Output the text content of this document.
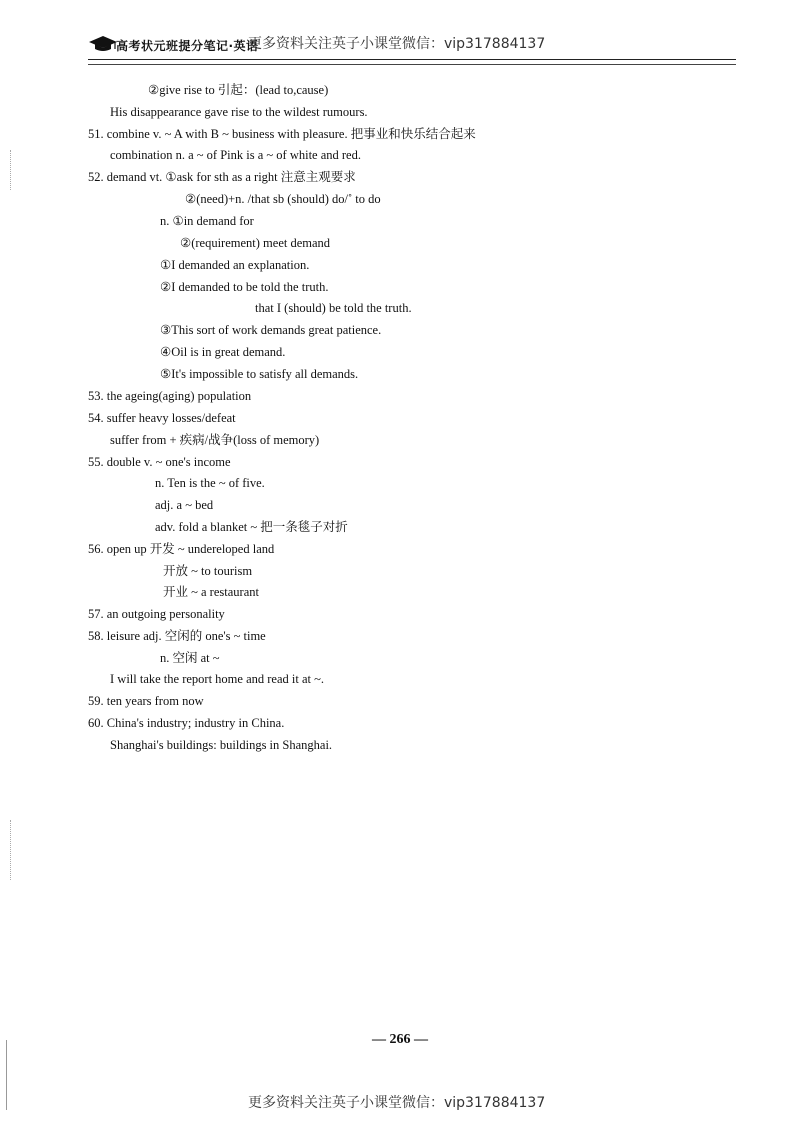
高考状元班提分笔记·英语
更多资料关注英子小课堂微信：vip317884137
②give rise to 引起：(lead to,cause)
His disappearance gave rise to the wildest rumours.
51. combine v. ~ A with B ~ business with pleasure. 把事业和快乐结合起来
combination n. a ~ of Pink is a ~ of white and red.
52. demand vt. ①ask for sth as a right 注意主观要求
②(need)+n. /that sb (should) do/˚ to do
n. ①in demand for
②(requirement) meet demand
①I demanded an explanation.
②I demanded to be told the truth.
that I (should) be told the truth.
③This sort of work demands great patience.
④Oil is in great demand.
⑤It's impossible to satisfy all demands.
53. the ageing(aging) population
54. suffer heavy losses/defeat
suffer from + 疾病/战争(loss of memory)
55. double v. ~ one's income
n. Ten is the ~ of five.
adj. a ~ bed
adv. fold a blanket ~ 把一条毯子对折
56. open up 开发 ~ undereloped land
开放 ~ to tourism
开业 ~ a restaurant
57. an outgoing personality
58. leisure adj. 空闲的 one's ~ time
n. 空闲 at ~
I will take the report home and read it at ~.
59. ten years from now
60. China's industry; industry in China.
Shanghai's buildings: buildings in Shanghai.
— 266 —
更多资料关注英子小课堂微信：vip317884137
